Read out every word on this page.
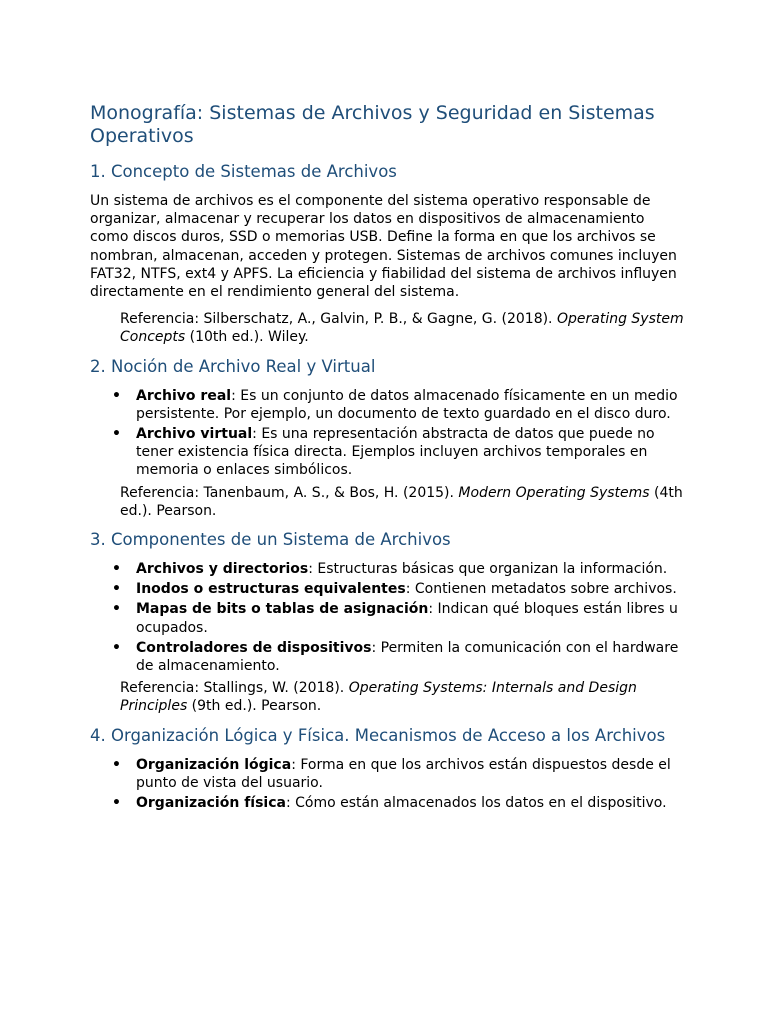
Monografía: Sistemas de Archivos y Seguridad en Sistemas Operativos
1. Concepto de Sistemas de Archivos

Un sistema de archivos es el componente del sistema operativo responsable de organizar, almacenar y recuperar los datos en dispositivos de almacenamiento como discos duros, SSD o memorias USB. Define la forma en que los archivos se nombran, almacenan, acceden y protegen. Sistemas de archivos comunes incluyen FAT32, NTFS, ext4 y APFS. La eficiencia y fiabilidad del sistema de archivos influyen directamente en el rendimiento general del sistema.

Referencia: Silberschatz, A., Galvin, P. B., & Gagne, G. (2018). Operating System Concepts (10th ed.). Wiley.
2. Noción de Archivo Real y Virtual
• Archivo real: Es un conjunto de datos almacenado físicamente en un medio persistente. Por ejemplo, un documento de texto guardado en el disco duro.
• Archivo virtual: Es una representación abstracta de datos que puede no tener existencia física directa. Ejemplos incluyen archivos temporales en memoria o enlaces simbólicos.
Referencia: Tanenbaum, A. S., & Bos, H. (2015). Modern Operating Systems (4th ed.). Pearson.
3. Componentes de un Sistema de Archivos
• Archivos y directorios: Estructuras básicas que organizan la información.
• Inodos o estructuras equivalentes: Contienen metadatos sobre archivos.
• Mapas de bits o tablas de asignación: Indican qué bloques están libres u ocupados.
• Controladores de dispositivos: Permiten la comunicación con el hardware de almacenamiento.
Referencia: Stallings, W. (2018). Operating Systems: Internals and Design Principles (9th ed.). Pearson.
4. Organización Lógica y Física. Mecanismos de Acceso a los Archivos
• Organización lógica: Forma en que los archivos están dispuestos desde el punto de vista del usuario.
• Organización física: Cómo están almacenados los datos en el dispositivo.
